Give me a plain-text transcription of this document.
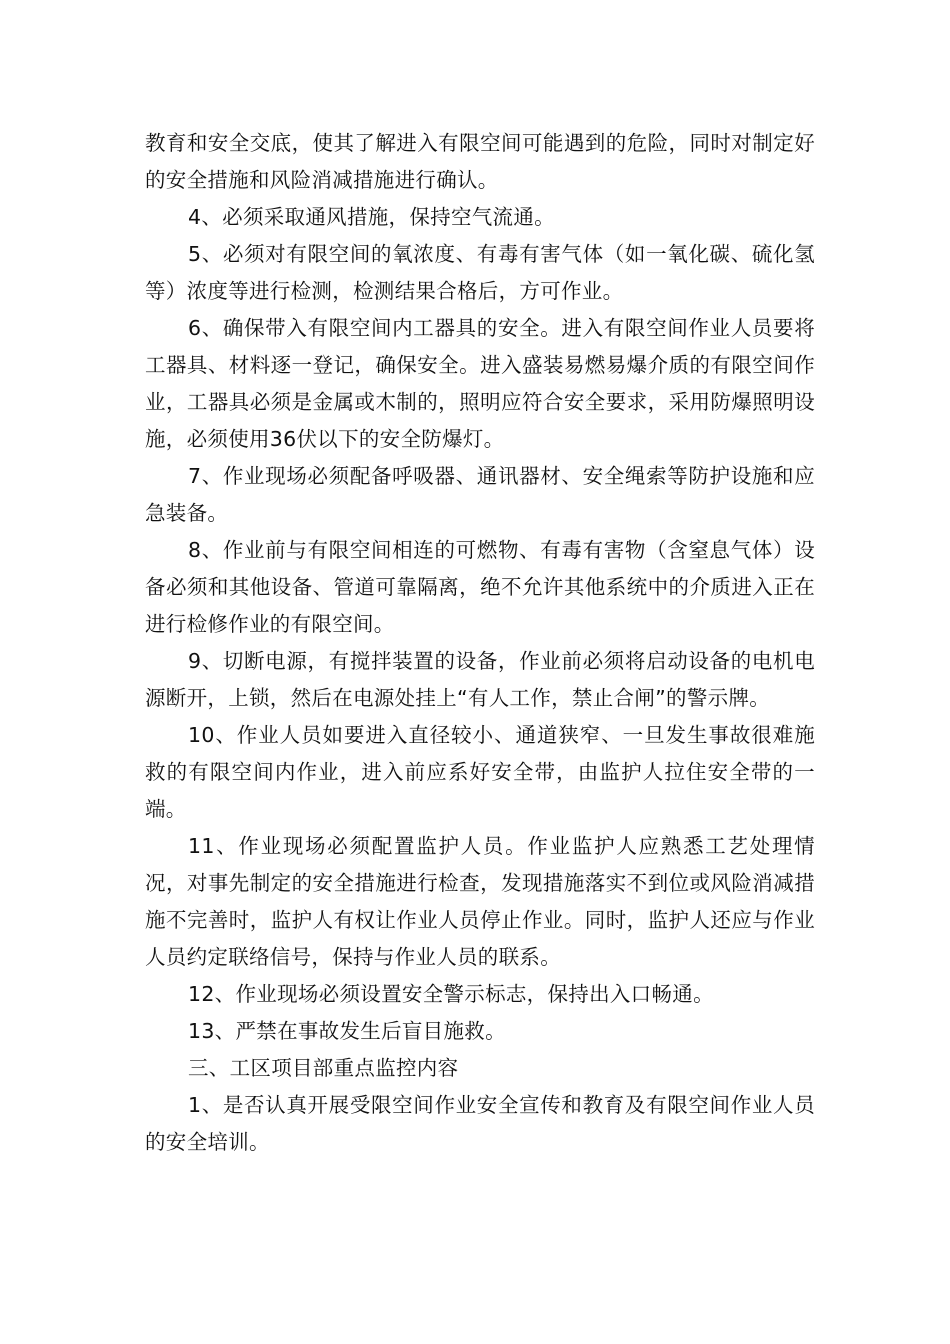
教育和安全交底，使其了解进入有限空间可能遇到的危险，同时对制定好的安全措施和风险消减措施进行确认。

4、必须采取通风措施，保持空气流通。

5、必须对有限空间的氧浓度、有毒有害气体（如一氧化碳、硫化氢等）浓度等进行检测，检测结果合格后，方可作业。

6、确保带入有限空间内工器具的安全。进入有限空间作业人员要将工器具、材料逐一登记，确保安全。进入盛装易燃易爆介质的有限空间作业，工器具必须是金属或木制的，照明应符合安全要求，采用防爆照明设施，必须使用36伏以下的安全防爆灯。

7、作业现场必须配备呼吸器、通讯器材、安全绳索等防护设施和应急装备。

8、作业前与有限空间相连的可燃物、有毒有害物（含窒息气体）设备必须和其他设备、管道可靠隔离，绝不允许其他系统中的介质进入正在进行检修作业的有限空间。

9、切断电源，有搅拌装置的设备，作业前必须将启动设备的电机电源断开，上锁，然后在电源处挂上“有人工作，禁止合闸”的警示牌。

10、作业人员如要进入直径较小、通道狭窄、一旦发生事故很难施救的有限空间内作业，进入前应系好安全带，由监护人拉住安全带的一端。

11、作业现场必须配置监护人员。作业监护人应熟悉工艺处理情况，对事先制定的安全措施进行检查，发现措施落实不到位或风险消减措施不完善时，监护人有权让作业人员停止作业。同时，监护人还应与作业人员约定联络信号，保持与作业人员的联系。

12、作业现场必须设置安全警示标志，保持出入口畅通。

13、严禁在事故发生后盲目施救。

三、工区项目部重点监控内容

1、是否认真开展受限空间作业安全宣传和教育及有限空间作业人员的安全培训。
